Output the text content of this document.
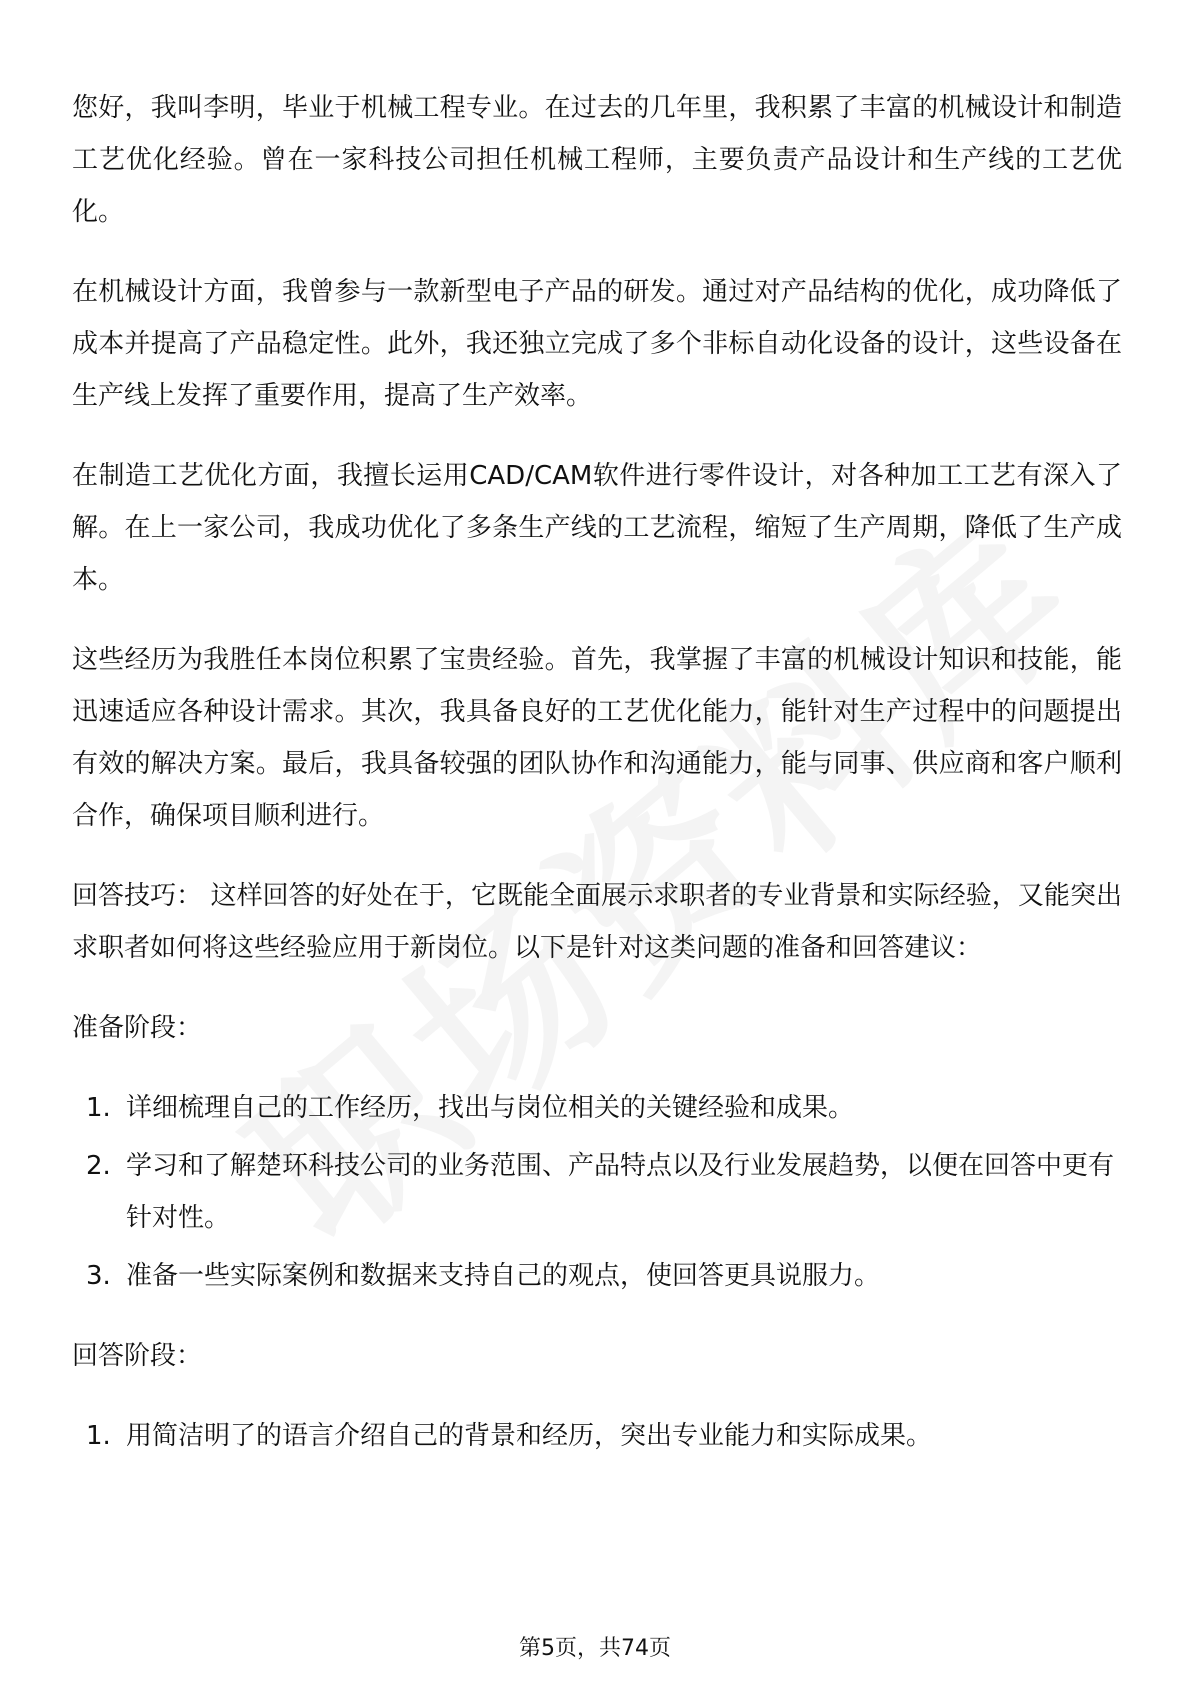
您好，我叫李明，毕业于机械工程专业。在过去的几年里，我积累了丰富的机械设计和制造工艺优化经验。曾在一家科技公司担任机械工程师，主要负责产品设计和生产线的工艺优化。

在机械设计方面，我曾参与一款新型电子产品的研发。通过对产品结构的优化，成功降低了成本并提高了产品稳定性。此外，我还独立完成了多个非标自动化设备的设计，这些设备在生产线上发挥了重要作用，提高了生产效率。

在制造工艺优化方面，我擅长运用CAD/CAM软件进行零件设计，对各种加工工艺有深入了解。在上一家公司，我成功优化了多条生产线的工艺流程，缩短了生产周期，降低了生产成本。

这些经历为我胜任本岗位积累了宝贵经验。首先，我掌握了丰富的机械设计知识和技能，能迅速适应各种设计需求。其次，我具备良好的工艺优化能力，能针对生产过程中的问题提出有效的解决方案。最后，我具备较强的团队协作和沟通能力，能与同事、供应商和客户顺利合作，确保项目顺利进行。

回答技巧： 这样回答的好处在于，它既能全面展示求职者的专业背景和实际经验，又能突出求职者如何将这些经验应用于新岗位。以下是针对这类问题的准备和回答建议：

准备阶段：
1. 详细梳理自己的工作经历，找出与岗位相关的关键经验和成果。
2. 学习和了解楚环科技公司的业务范围、产品特点以及行业发展趋势，以便在回答中更有针对性。
3. 准备一些实际案例和数据来支持自己的观点，使回答更具说服力。
回答阶段：
1. 用简洁明了的语言介绍自己的背景和经历，突出专业能力和实际成果。
第5页，共74页
